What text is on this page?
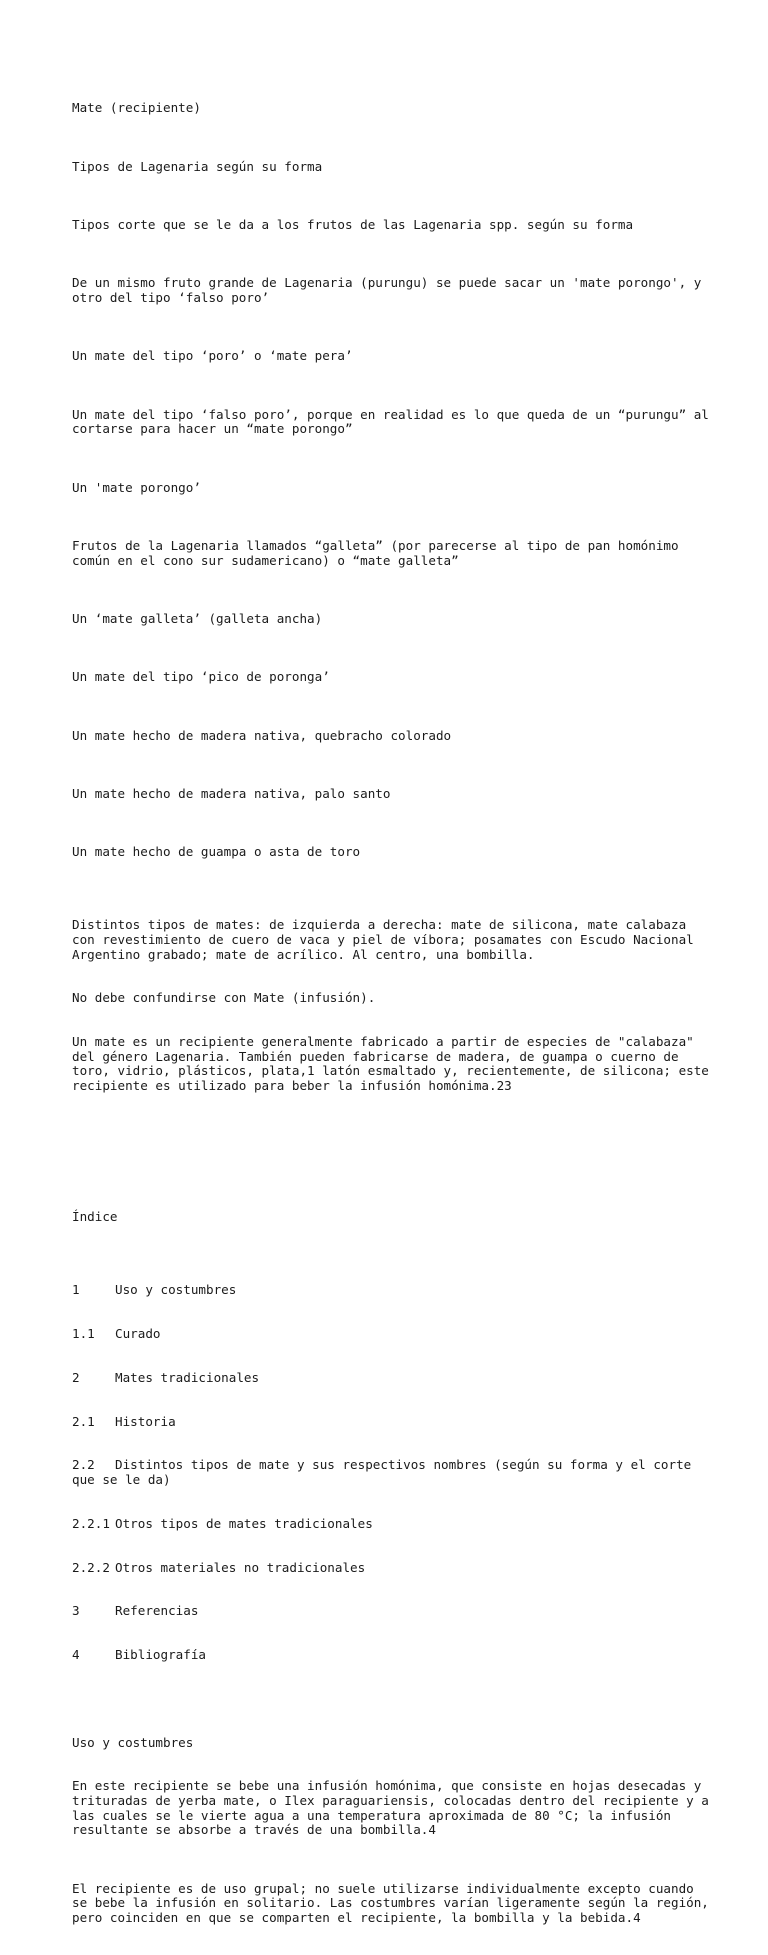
Mate (recipiente)

Tipos de Lagenaria según su forma

Tipos corte que se le da a los frutos de las Lagenaria spp. según su forma

De un mismo fruto grande de Lagenaria (purungu) se puede sacar un 'mate porongo', y otro del tipo ‘falso poro’

Un mate del tipo ‘poro’ o ‘mate pera’

Un mate del tipo ‘falso poro’, porque en realidad es lo que queda de un “purungu” al cortarse para hacer un “mate porongo”

Un 'mate porongo’

Frutos de la Lagenaria llamados “galleta” (por parecerse al tipo de pan homónimo común en el cono sur sudamericano) o “mate galleta”

Un ‘mate galleta’ (galleta ancha)

Un mate del tipo ‘pico de poronga’

Un mate hecho de madera nativa, quebracho colorado

Un mate hecho de madera nativa, palo santo

Un mate hecho de guampa o asta de toro

Distintos tipos de mates: de izquierda a derecha: mate de silicona, mate calabaza con revestimiento de cuero de vaca y piel de víbora; posamates con Escudo Nacional Argentino grabado; mate de acrílico. Al centro, una bombilla.

No debe confundirse con Mate (infusión).

Un mate es un recipiente generalmente fabricado a partir de especies de "calabaza" del género Lagenaria. También pueden fabricarse de madera, de guampa o cuerno de toro, vidrio, plásticos, plata,1 latón esmaltado y, recientemente, de silicona; este recipiente es utilizado para beber la infusión homónima.23

Índice

1	Uso y costumbres

1.1 Curado

2	Mates tradicionales

2.1 Historia

2.2 Distintos tipos de mate y sus respectivos nombres (según su forma y el corte que se le da)

2.2.1 Otros tipos de mates tradicionales

2.2.2 Otros materiales no tradicionales

3	Referencias

4	Bibliografía

Uso y costumbres

En este recipiente se bebe una infusión homónima, que consiste en hojas desecadas y trituradas de yerba mate, o Ilex paraguariensis, colocadas dentro del recipiente y a las cuales se le vierte agua a una temperatura aproximada de 80 °C; la infusión resultante se absorbe a través de una bombilla.4

El recipiente es de uso grupal; no suele utilizarse individualmente excepto cuando se bebe la infusión en solitario. Las costumbres varían ligeramente según la región, pero coinciden en que se comparten el recipiente, la bombilla y la bebida.4
